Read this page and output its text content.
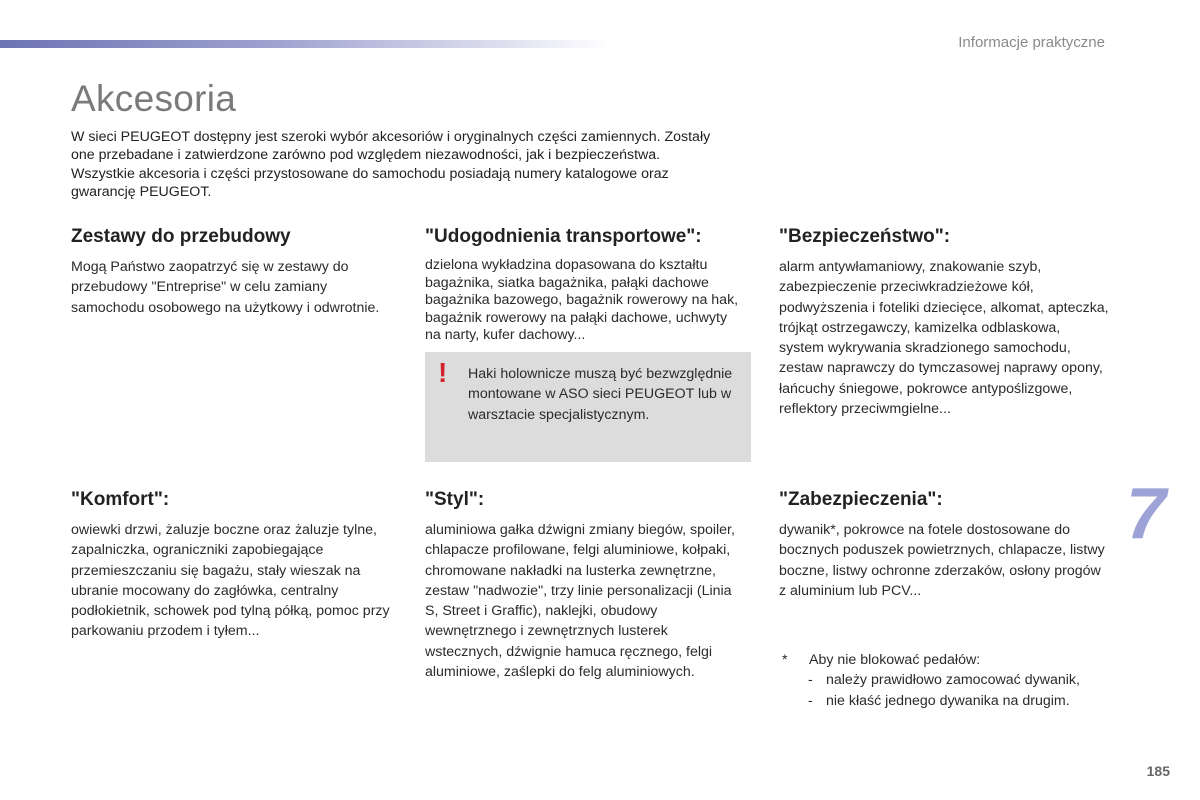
Informacje praktyczne
Akcesoria

W sieci PEUGEOT dostępny jest szeroki wybór akcesoriów i oryginalnych części zamiennych. Zostały one przebadane i zatwierdzone zarówno pod względem niezawodności, jak i bezpieczeństwa.

Wszystkie akcesoria i części przystosowane do samochodu posiadają numery katalogowe oraz gwarancję PEUGEOT.

Zestawy do przebudowy
Mogą Państwo zaopatrzyć się w zestawy do przebudowy "Entreprise" w celu zamiany samochodu osobowego na użytkowy i odwrotnie.
"Udogodnienia transportowe":
dzielona wykładzina dopasowana do kształtu bagażnika, siatka bagażnika, pałąki dachowe bagażnika bazowego, bagażnik rowerowy na hak, bagażnik rowerowy na pałąki dachowe, uchwyty na narty, kufer dachowy...
"Bezpieczeństwo":
alarm antywłamaniowy, znakowanie szyb, zabezpieczenie przeciwkradzieżowe kół, podwyższenia i foteliki dziecięce, alkomat, apteczka, trójkąt ostrzegawczy, kamizelka odblaskowa, system wykrywania skradzionego samochodu, zestaw naprawczy do tymczasowej naprawy opony, łańcuchy śniegowe, pokrowce antypoślizgowe, reflektory przeciwmgielne...
! Haki holownicze muszą być bezwzględnie montowane w ASO sieci PEUGEOT lub w warsztacie specjalistycznym.
"Komfort":
owiewki drzwi, żaluzje boczne oraz żaluzje tylne, zapalniczka, ograniczniki zapobiegające przemieszczaniu się bagażu, stały wieszak na ubranie mocowany do zagłówka, centralny podłokietnik, schowek pod tylną półką, pomoc przy parkowaniu przodem i tyłem...
"Styl":
aluminiowa gałka dźwigni zmiany biegów, spoiler, chlapacze profilowane, felgi aluminiowe, kołpaki, chromowane nakładki na lusterka zewnętrzne, zestaw "nadwozie", trzy linie personalizacji (Linia S, Street i Graffic), naklejki, obudowy wewnętrznego i zewnętrznych lusterek wstecznych, dźwignie hamuca ręcznego, felgi aluminiowe, zaślepki do felg aluminiowych.
"Zabezpieczenia":
dywanik*, pokrowce na fotele dostosowane do bocznych poduszek powietrznych, chlapacze, listwy boczne, listwy ochronne zderzaków, osłony progów z aluminium lub PCV...
7
*	Aby nie blokować pedałów:
- należy prawidłowo zamocować dywanik,
- nie kłaść jednego dywanika na drugim.
185
